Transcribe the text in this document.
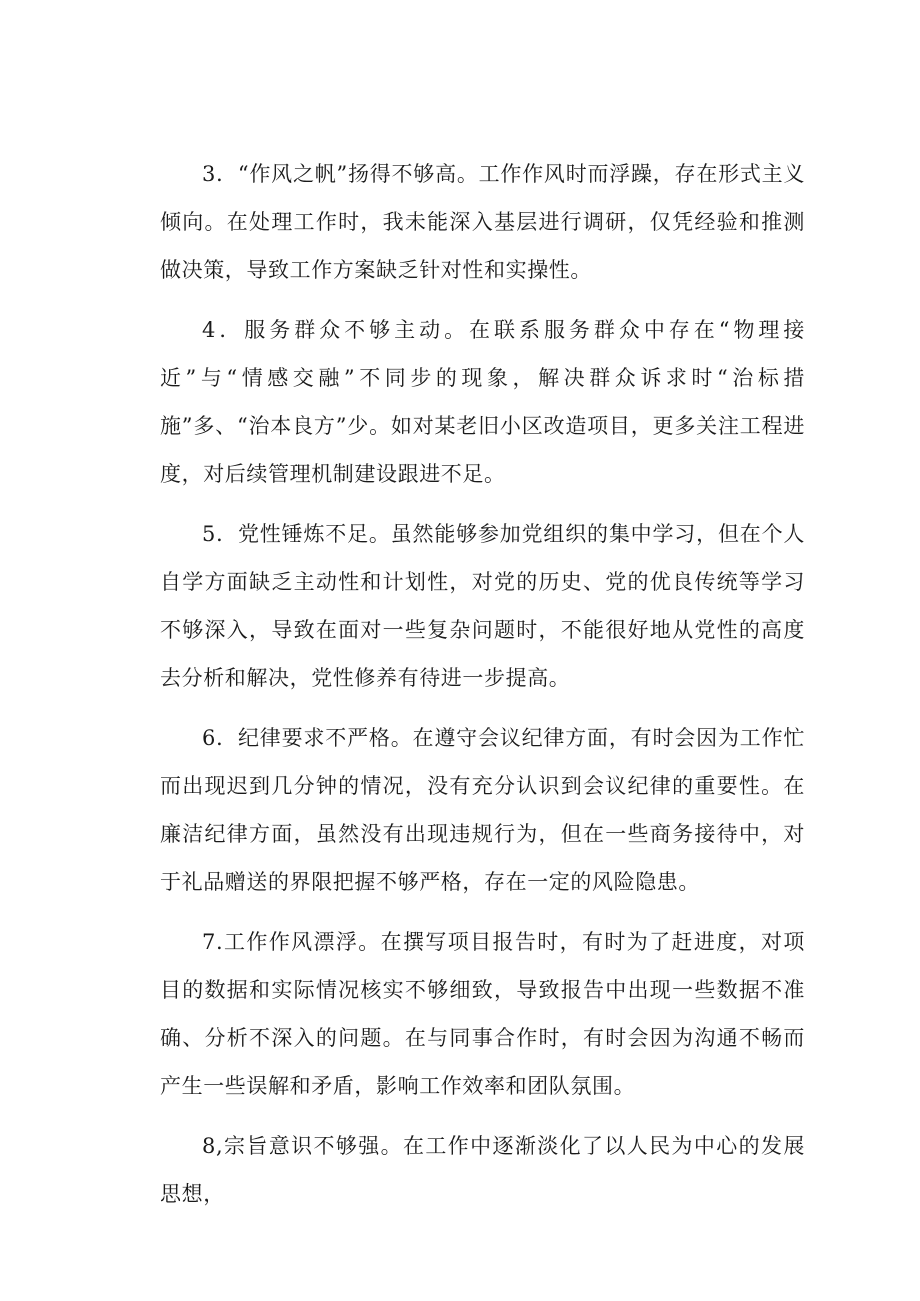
3．“作风之帆”扬得不够高。工作作风时而浮躁，存在形式主义倾向。在处理工作时，我未能深入基层进行调研，仅凭经验和推测做决策，导致工作方案缺乏针对性和实操性。

4．服务群众不够主动。在联系服务群众中存在“物理接近”与“情感交融”不同步的现象，解决群众诉求时“治标措施”多、“治本良方”少。如对某老旧小区改造项目，更多关注工程进度，对后续管理机制建设跟进不足。

5．党性锤炼不足。虽然能够参加党组织的集中学习，但在个人自学方面缺乏主动性和计划性，对党的历史、党的优良传统等学习不够深入，导致在面对一些复杂问题时，不能很好地从党性的高度去分析和解决，党性修养有待进一步提高。

6．纪律要求不严格。在遵守会议纪律方面，有时会因为工作忙而出现迟到几分钟的情况，没有充分认识到会议纪律的重要性。在廉洁纪律方面，虽然没有出现违规行为，但在一些商务接待中，对于礼品赠送的界限把握不够严格，存在一定的风险隐患。

7.工作作风漂浮。在撰写项目报告时，有时为了赶进度，对项目的数据和实际情况核实不够细致，导致报告中出现一些数据不准确、分析不深入的问题。在与同事合作时，有时会因为沟通不畅而产生一些误解和矛盾，影响工作效率和团队氛围。

8,宗旨意识不够强。在工作中逐渐淡化了以人民为中心的发展思想，
